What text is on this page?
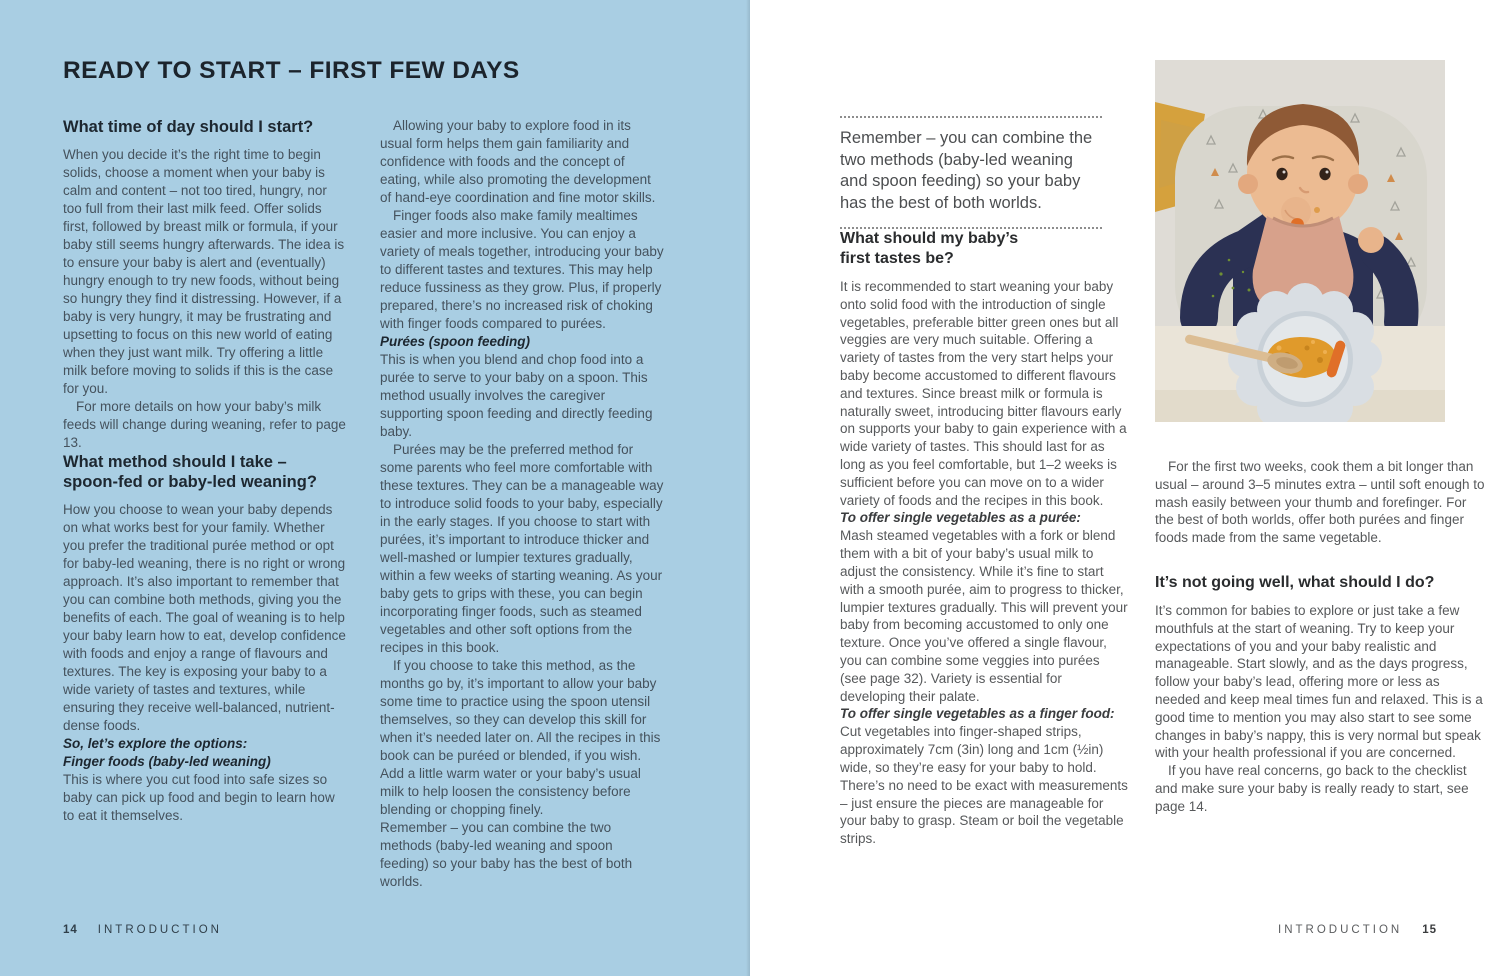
READY TO START – FIRST FEW DAYS
What time of day should I start?

When you decide it’s the right time to begin solids, choose a moment when your baby is calm and content – not too tired, hungry, nor too full from their last milk feed. Offer solids first, followed by breast milk or formula, if your baby still seems hungry afterwards. The idea is to ensure your baby is alert and (eventually) hungry enough to try new foods, without being so hungry they find it distressing. However, if a baby is very hungry, it may be frustrating and upsetting to focus on this new world of eating when they just want milk. Try offering a little milk before moving to solids if this is the case for you.

For more details on how your baby’s milk feeds will change during weaning, refer to page 13.

What method should I take –
spoon-fed or baby-led weaning?

How you choose to wean your baby depends on what works best for your family. Whether you prefer the traditional purée method or opt for baby-led weaning, there is no right or wrong approach. It’s also important to remember that you can combine both methods, giving you the benefits of each. The goal of weaning is to help your baby learn how to eat, develop confidence with foods and enjoy a range of flavours and textures. The key is exposing your baby to a wide variety of tastes and textures, while ensuring they receive well-balanced, nutrient-dense foods.

So, let’s explore the options:

Finger foods (baby-led weaning)

This is where you cut food into safe sizes so baby can pick up food and begin to learn how to eat it themselves.

Allowing your baby to explore food in its usual form helps them gain familiarity and confidence with foods and the concept of eating, while also promoting the development of hand-eye coordination and fine motor skills.

Finger foods also make family mealtimes easier and more inclusive. You can enjoy a variety of meals together, introducing your baby to different tastes and textures. This may help reduce fussiness as they grow. Plus, if properly prepared, there’s no increased risk of choking with finger foods compared to purées.

Purées (spoon feeding)

This is when you blend and chop food into a purée to serve to your baby on a spoon. This method usually involves the caregiver supporting spoon feeding and directly feeding baby.

Purées may be the preferred method for some parents who feel more comfortable with these textures. They can be a manageable way to introduce solid foods to your baby, especially in the early stages. If you choose to start with purées, it’s important to introduce thicker and well-mashed or lumpier textures gradually, within a few weeks of starting weaning. As your baby gets to grips with these, you can begin incorporating finger foods, such as steamed vegetables and other soft options from the recipes in this book.

If you choose to take this method, as the months go by, it’s important to allow your baby some time to practice using the spoon utensil themselves, so they can develop this skill for when it’s needed later on. All the recipes in this book can be puréed or blended, if you wish. Add a little warm water or your baby’s usual milk to help loosen the consistency before blending or chopping finely.

Remember – you can combine the two methods (baby-led weaning and spoon feeding) so your baby has the best of both worlds.

14 INTRODUCTION

Remember – you can combine the two methods (baby-led weaning and spoon feeding) so your baby has the best of both worlds.

What should my baby’s
first tastes be?

It is recommended to start weaning your baby onto solid food with the introduction of single vegetables, preferable bitter green ones but all veggies are very much suitable. Offering a variety of tastes from the very start helps your baby become accustomed to different flavours and textures. Since breast milk or formula is naturally sweet, introducing bitter flavours early on supports your baby to gain experience with a wide variety of tastes. This should last for as long as you feel comfortable, but 1–2 weeks is sufficient before you can move on to a wider variety of foods and the recipes in this book.

To offer single vegetables as a purée:

Mash steamed vegetables with a fork or blend them with a bit of your baby’s usual milk to adjust the consistency. While it’s fine to start with a smooth purée, aim to progress to thicker, lumpier textures gradually. This will prevent your baby from becoming accustomed to only one texture. Once you’ve offered a single flavour, you can combine some veggies into purées (see page 32). Variety is essential for developing their palate.

To offer single vegetables as a finger food:

Cut vegetables into finger-shaped strips, approximately 7cm (3in) long and 1cm (½in) wide, so they’re easy for your baby to hold. There’s no need to be exact with measurements – just ensure the pieces are manageable for your baby to grasp. Steam or boil the vegetable strips.

For the first two weeks, cook them a bit longer than usual – around 3–5 minutes extra – until soft enough to mash easily between your thumb and forefinger. For the best of both worlds, offer both purées and finger foods made from the same vegetable.

It’s not going well, what should I do?

It’s common for babies to explore or just take a few mouthfuls at the start of weaning. Try to keep your expectations of you and your baby realistic and manageable. Start slowly, and as the days progress, follow your baby’s lead, offering more or less as needed and keep meal times fun and relaxed. This is a good time to mention you may also start to see some changes in baby’s nappy, this is very normal but speak with your health professional if you are concerned.

If you have real concerns, go back to the checklist and make sure your baby is really ready to start, see page 14.

INTRODUCTION 15
